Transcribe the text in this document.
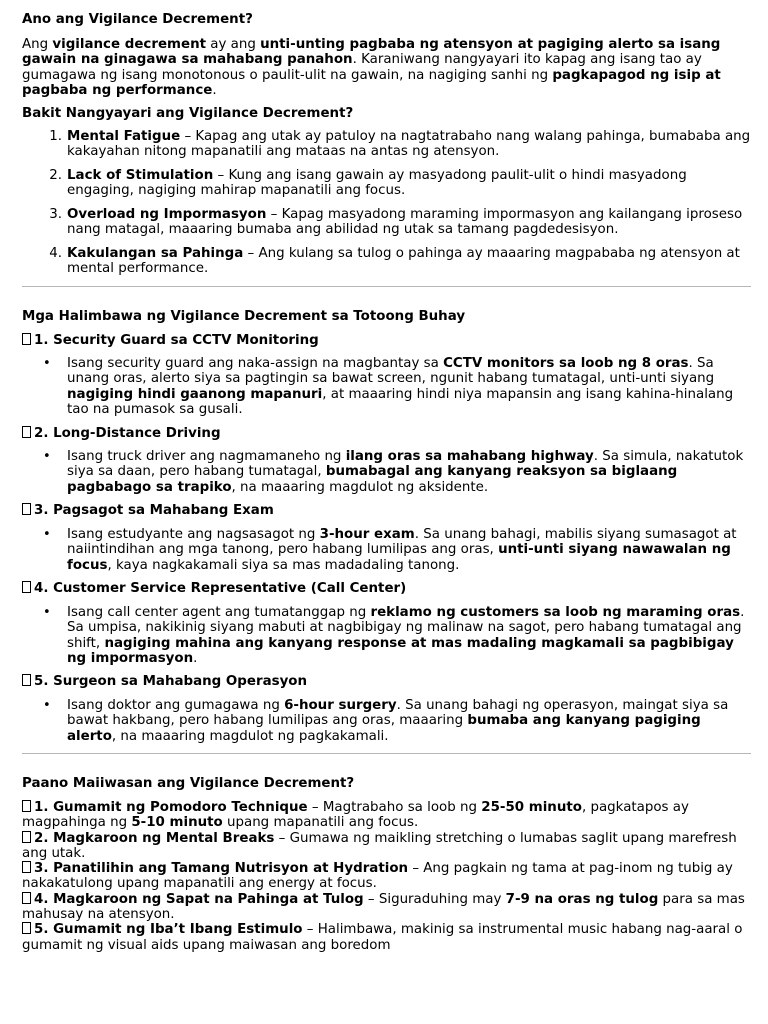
Ano ang Vigilance Decrement?
Ang vigilance decrement ay ang unti-unting pagbaba ng atensyon at pagiging alerto sa isang gawain na ginagawa sa mahabang panahon. Karaniwang nangyayari ito kapag ang isang tao ay gumagawa ng isang monotonous o paulit-ulit na gawain, na nagiging sanhi ng pagkapagod ng isip at pagbaba ng performance.
Bakit Nangyayari ang Vigilance Decrement?
1. Mental Fatigue – Kapag ang utak ay patuloy na nagtatrabaho nang walang pahinga, bumababa ang kakayahan nitong mapanatili ang mataas na antas ng atensyon.
2. Lack of Stimulation – Kung ang isang gawain ay masyadong paulit-ulit o hindi masyadong engaging, nagiging mahirap mapanatili ang focus.
3. Overload ng Impormasyon – Kapag masyadong maraming impormasyon ang kailangang iproseso nang matagal, maaaring bumaba ang abilidad ng utak sa tamang pagdedesisyon.
4. Kakulangan sa Pahinga – Ang kulang sa tulog o pahinga ay maaaring magpababa ng atensyon at mental performance.
Mga Halimbawa ng Vigilance Decrement sa Totoong Buhay
1. Security Guard sa CCTV Monitoring
• Isang security guard ang naka-assign na magbantay sa CCTV monitors sa loob ng 8 oras. Sa unang oras, alerto siya sa pagtingin sa bawat screen, ngunit habang tumatagal, unti-unti siyang nagiging hindi gaanong mapanuri, at maaaring hindi niya mapansin ang isang kahina-hinalang tao na pumasok sa gusali.
2. Long-Distance Driving
• Isang truck driver ang nagmamaneho ng ilang oras sa mahabang highway. Sa simula, nakatutok siya sa daan, pero habang tumatagal, bumabagal ang kanyang reaksyon sa biglaang pagbabago sa trapiko, na maaaring magdulot ng aksidente.
3. Pagsagot sa Mahabang Exam
• Isang estudyante ang nagsasagot ng 3-hour exam. Sa unang bahagi, mabilis siyang sumasagot at naiintindihan ang mga tanong, pero habang lumilipas ang oras, unti-unti siyang nawawalan ng focus, kaya nagkakamali siya sa mas madadaling tanong.
4. Customer Service Representative (Call Center)
• Isang call center agent ang tumatanggap ng reklamo ng customers sa loob ng maraming oras. Sa umpisa, nakikinig siyang mabuti at nagbibigay ng malinaw na sagot, pero habang tumatagal ang shift, nagiging mahina ang kanyang response at mas madaling magkamali sa pagbibigay ng impormasyon.
5. Surgeon sa Mahabang Operasyon
• Isang doktor ang gumagawa ng 6-hour surgery. Sa unang bahagi ng operasyon, maingat siya sa bawat hakbang, pero habang lumilipas ang oras, maaaring bumaba ang kanyang pagiging alerto, na maaaring magdulot ng pagkakamali.
Paano Maiiwasan ang Vigilance Decrement?
1. Gumamit ng Pomodoro Technique – Magtrabaho sa loob ng 25-50 minuto, pagkatapos ay magpahinga ng 5-10 minuto upang mapanatili ang focus.
2. Magkaroon ng Mental Breaks – Gumawa ng maikling stretching o lumabas saglit upang marefresh ang utak.
3. Panatilihin ang Tamang Nutrisyon at Hydration – Ang pagkain ng tama at pag-inom ng tubig ay nakakatulong upang mapanatili ang energy at focus.
4. Magkaroon ng Sapat na Pahinga at Tulog – Siguraduhing may 7-9 na oras ng tulog para sa mas mahusay na atensyon.
5. Gumamit ng Iba’t Ibang Estimulo – Halimbawa, makinig sa instrumental music habang nag-aaral o gumamit ng visual aids upang maiwasan ang boredom
